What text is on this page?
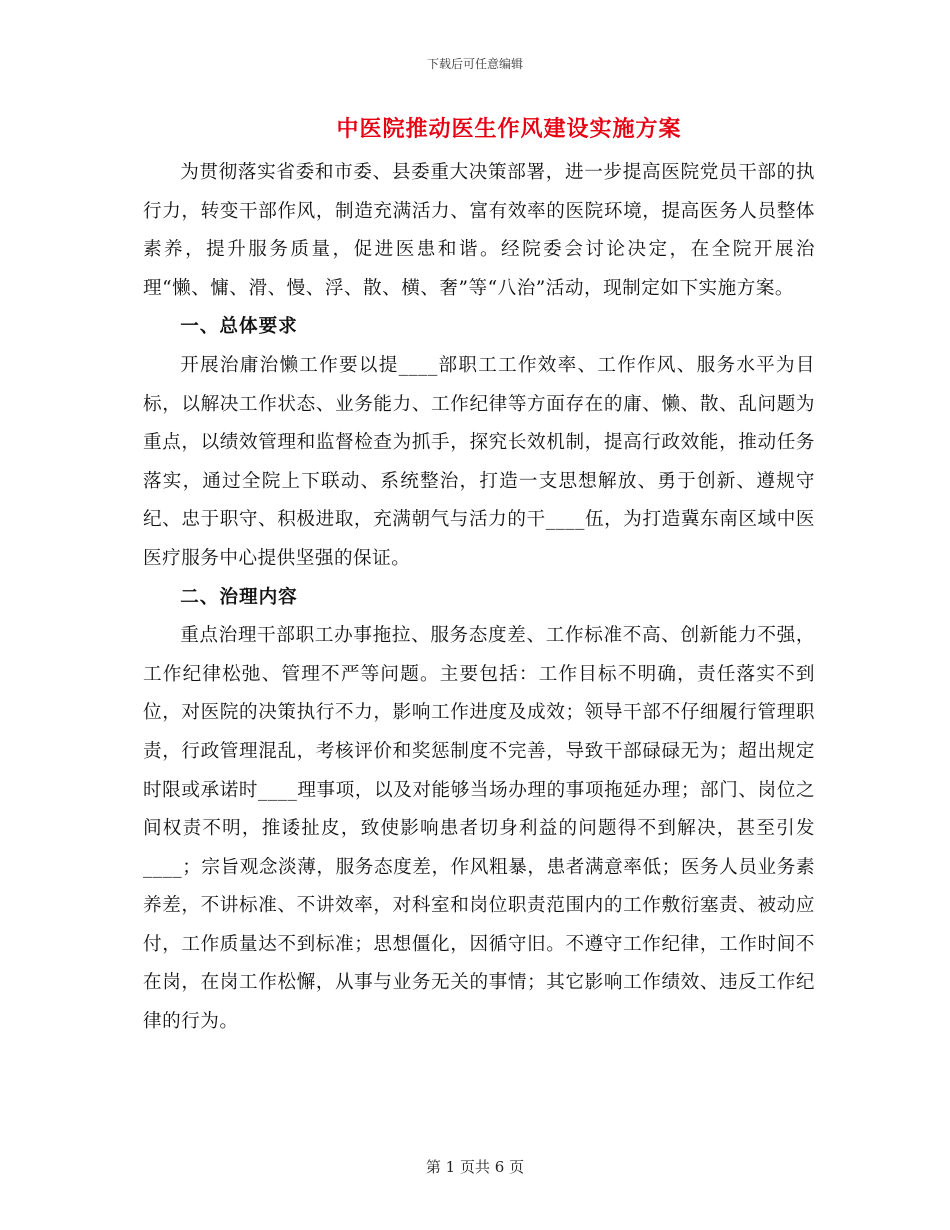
下载后可任意编辑
中医院推动医生作风建设实施方案

为贯彻落实省委和市委、县委重大决策部署，进一步提高医院党员干部的执行力，转变干部作风，制造充满活力、富有效率的医院环境，提高医务人员整体素养，提升服务质量，促进医患和谐。经院委会讨论决定，在全院开展治理“懒、慵、滑、慢、浮、散、横、奢”等“八治”活动，现制定如下实施方案。

一、总体要求

开展治庸治懒工作要以提____部职工工作效率、工作作风、服务水平为目标，以解决工作状态、业务能力、工作纪律等方面存在的庸、懒、散、乱问题为重点，以绩效管理和监督检查为抓手，探究长效机制，提高行政效能，推动任务落实，通过全院上下联动、系统整治，打造一支思想解放、勇于创新、遵规守纪、忠于职守、积极进取，充满朝气与活力的干____伍，为打造冀东南区域中医医疗服务中心提供坚强的保证。

二、治理内容

重点治理干部职工办事拖拉、服务态度差、工作标准不高、创新能力不强，工作纪律松弛、管理不严等问题。主要包括：工作目标不明确，责任落实不到位，对医院的决策执行不力，影响工作进度及成效；领导干部不仔细履行管理职责，行政管理混乱，考核评价和奖惩制度不完善，导致干部碌碌无为；超出规定时限或承诺时____理事项，以及对能够当场办理的事项拖延办理；部门、岗位之间权责不明，推诿扯皮，致使影响患者切身利益的问题得不到解决，甚至引发____；宗旨观念淡薄，服务态度差，作风粗暴，患者满意率低；医务人员业务素养差，不讲标准、不讲效率，对科室和岗位职责范围内的工作敷衍塞责、被动应付，工作质量达不到标准；思想僵化，因循守旧。不遵守工作纪律，工作时间不在岗，在岗工作松懈，从事与业务无关的事情；其它影响工作绩效、违反工作纪律的行为。

第 1 页共 6 页
